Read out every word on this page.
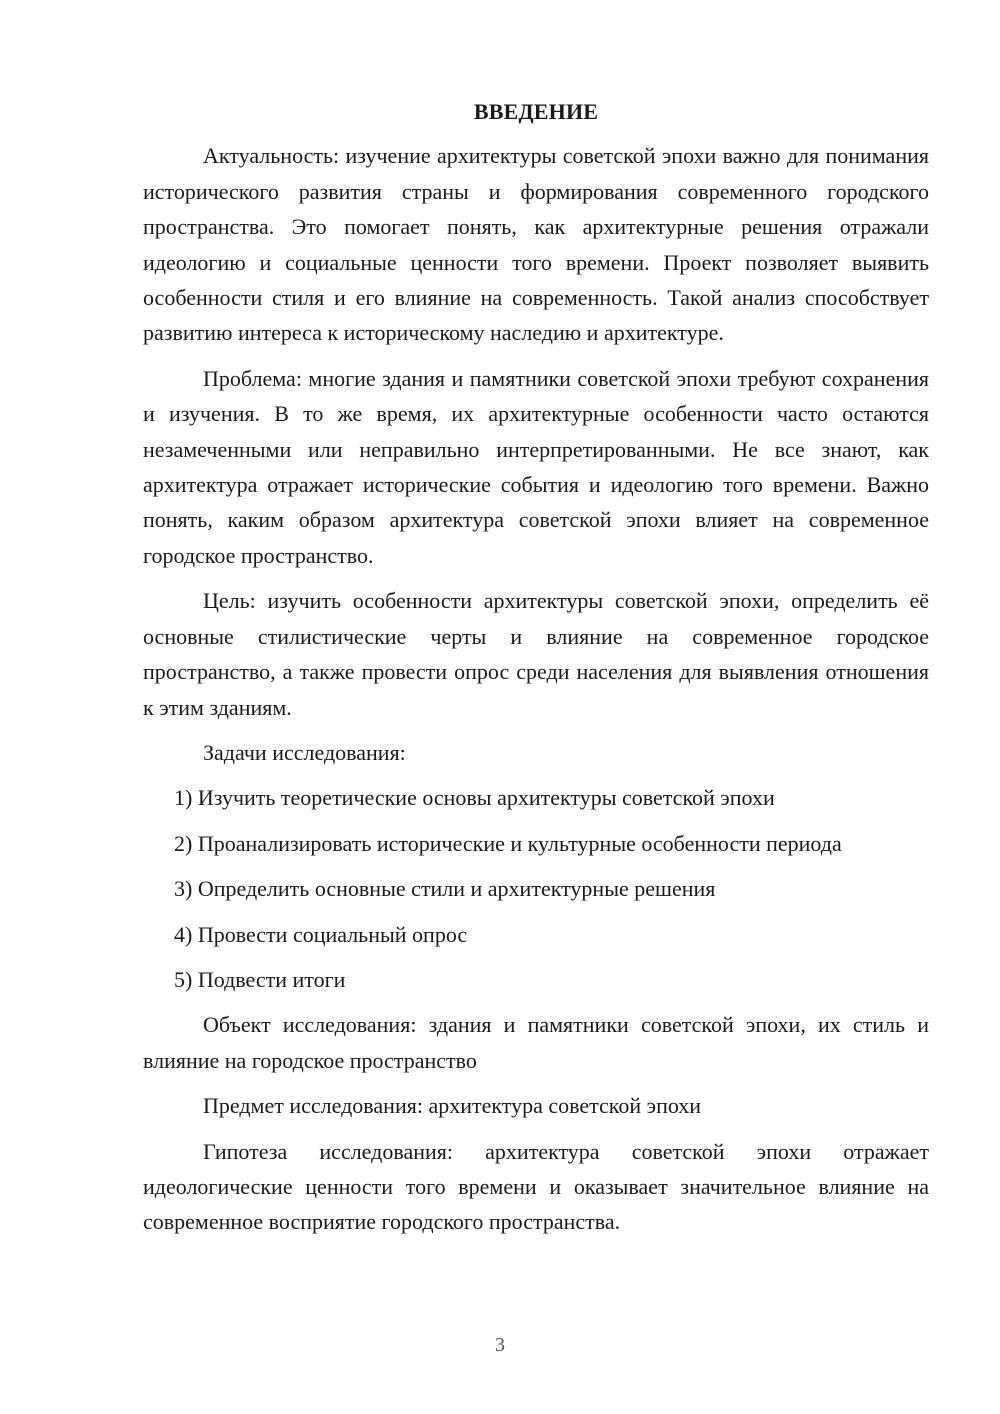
ВВЕДЕНИЕ

Актуальность: изучение архитектуры советской эпохи важно для понимания исторического развития страны и формирования современного городского пространства. Это помогает понять, как архитектурные решения отражали идеологию и социальные ценности того времени. Проект позволяет выявить особенности стиля и его влияние на современность. Такой анализ способствует развитию интереса к историческому наследию и архитектуре.

Проблема: многие здания и памятники советской эпохи требуют сохранения и изучения. В то же время, их архитектурные особенности часто остаются незамеченными или неправильно интерпретированными. Не все знают, как архитектура отражает исторические события и идеологию того времени. Важно понять, каким образом архитектура советской эпохи влияет на современное городское пространство.

Цель: изучить особенности архитектуры советской эпохи, определить её основные стилистические черты и влияние на современное городское пространство, а также провести опрос среди населения для выявления отношения к этим зданиям.

Задачи исследования:

1) Изучить теоретические основы архитектуры советской эпохи

2) Проанализировать исторические и культурные особенности периода

3) Определить основные стили и архитектурные решения

4) Провести социальный опрос

5) Подвести итоги

Объект исследования: здания и памятники советской эпохи, их стиль и влияние на городское пространство

Предмет исследования: архитектура советской эпохи

Гипотеза исследования: архитектура советской эпохи отражает идеологические ценности того времени и оказывает значительное влияние на современное восприятие городского пространства.

3
